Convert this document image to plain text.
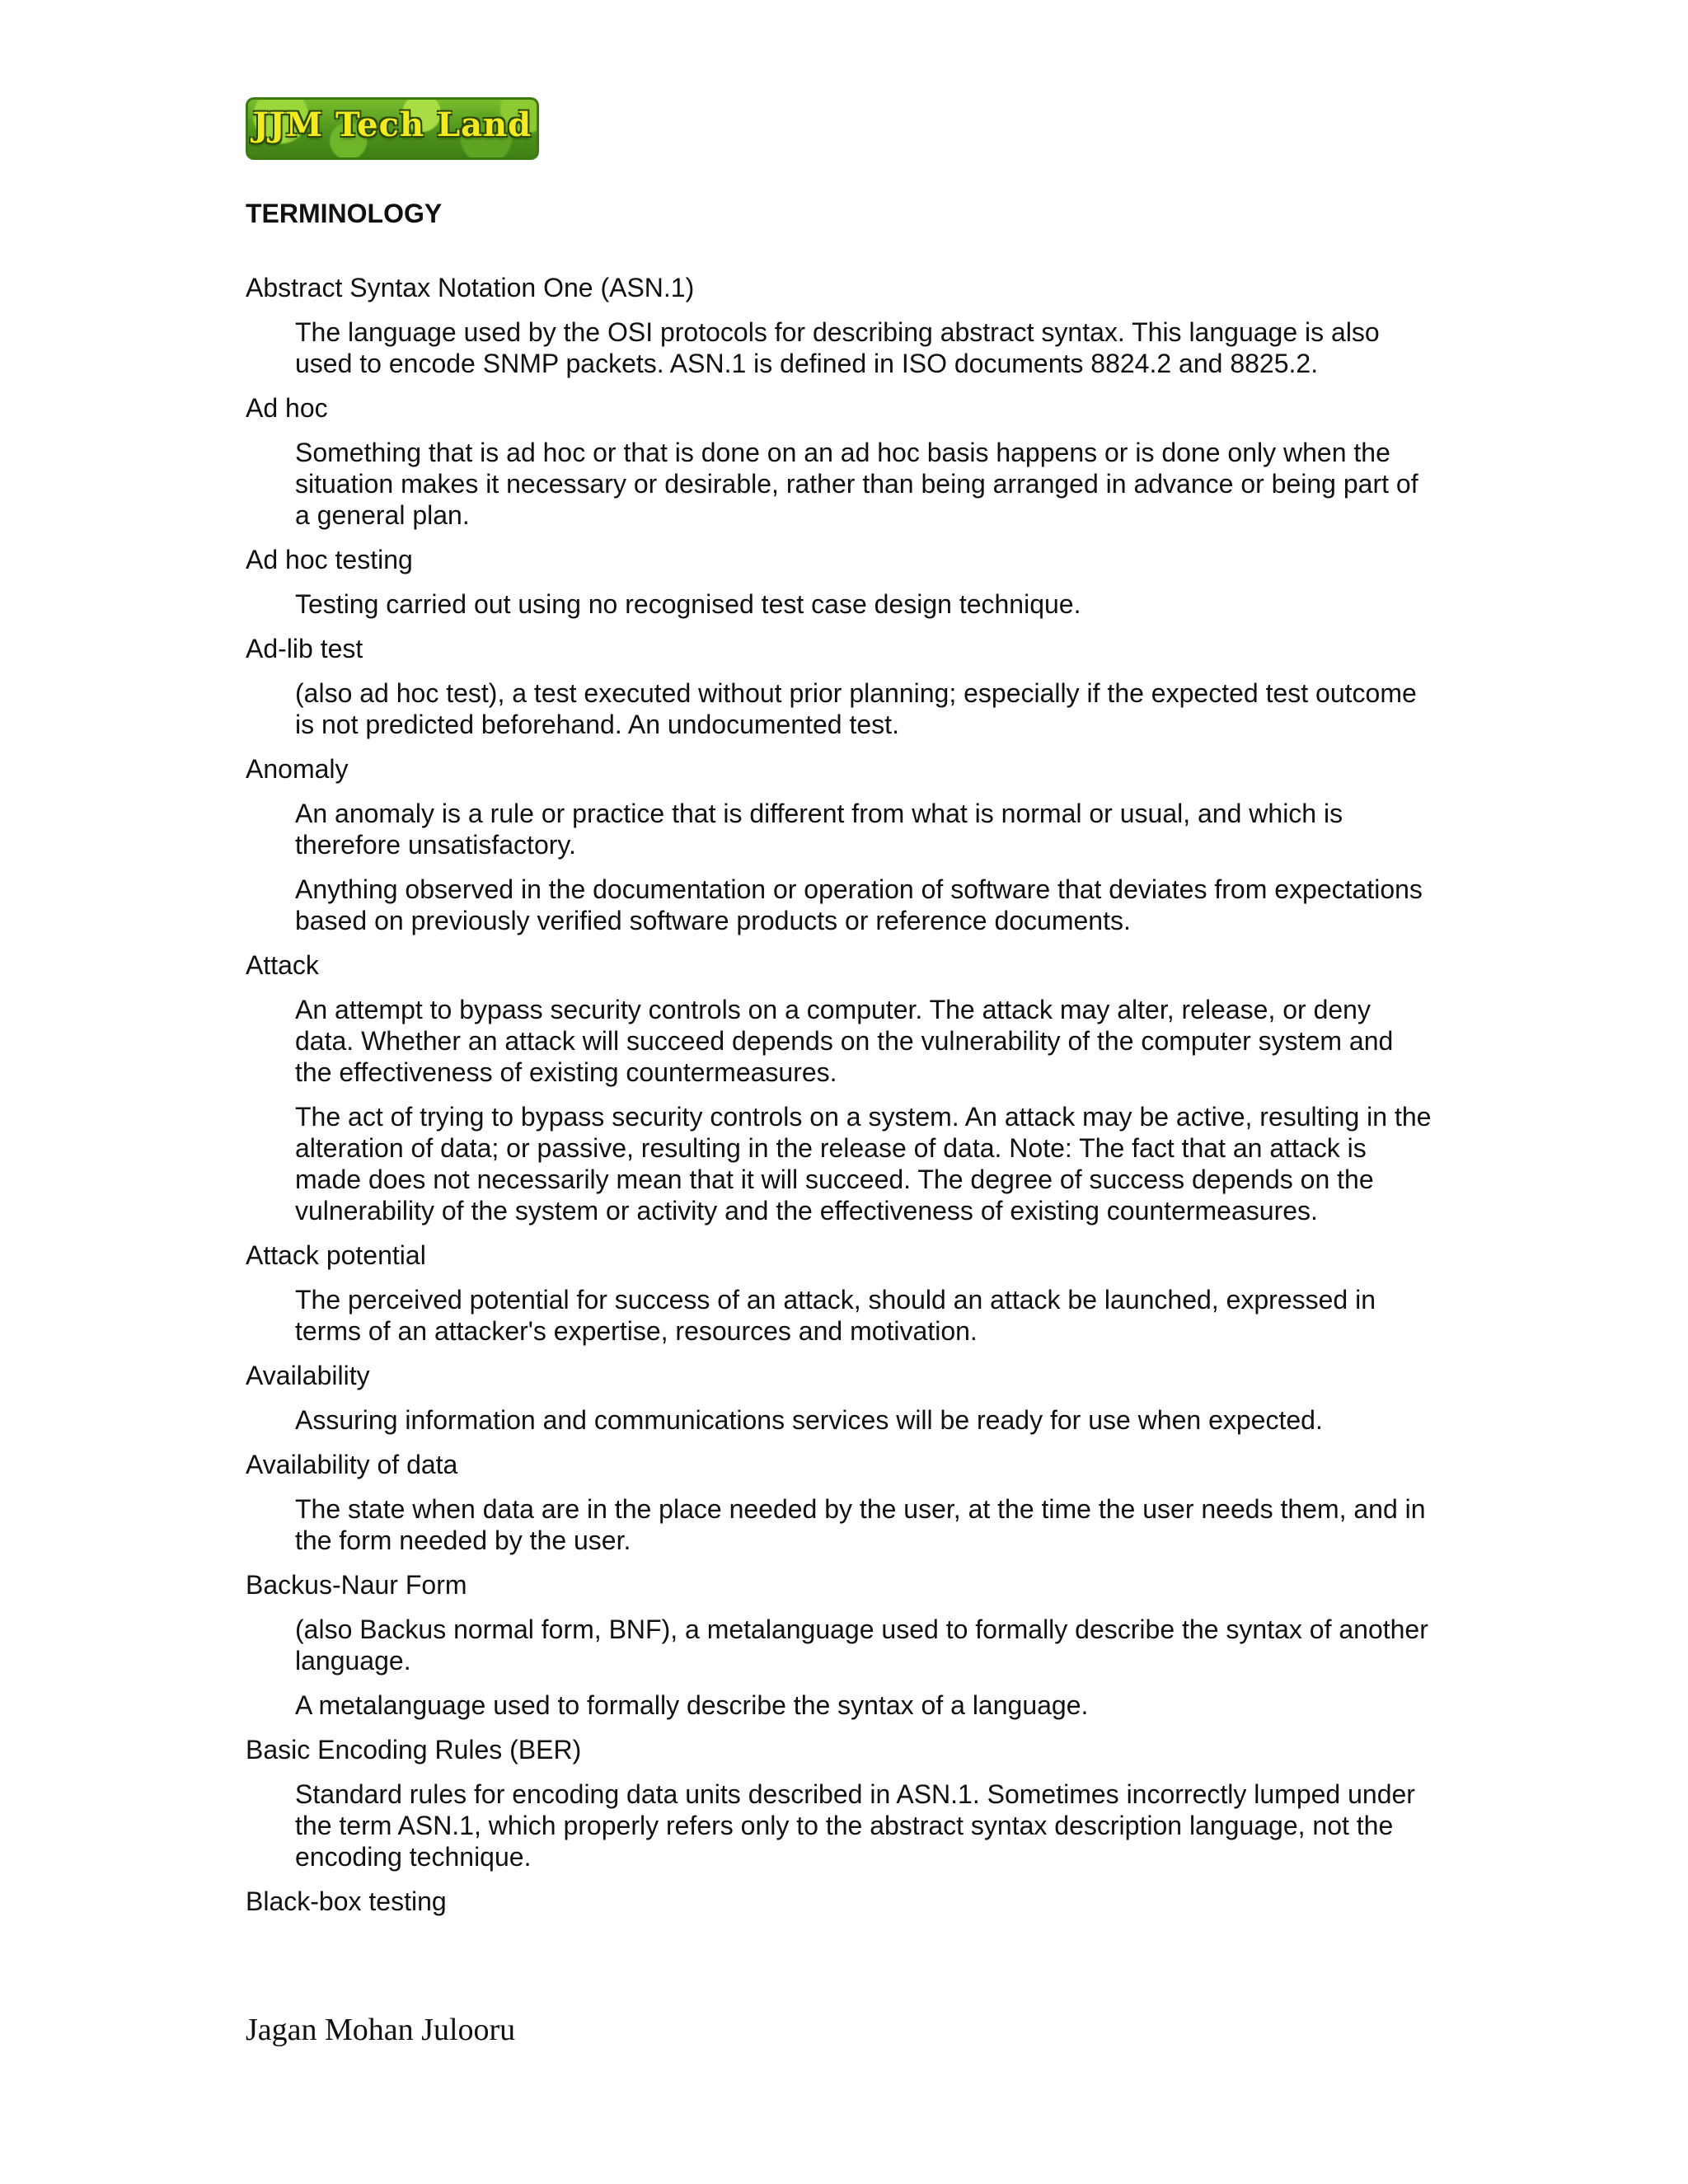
JJM Tech Land
TERMINOLOGY
Abstract Syntax Notation One (ASN.1)
The language used by the OSI protocols for describing abstract syntax. This language is also used to encode SNMP packets. ASN.1 is defined in ISO documents 8824.2 and 8825.2.
Ad hoc
Something that is ad hoc or that is done on an ad hoc basis happens or is done only when the situation makes it necessary or desirable, rather than being arranged in advance or being part of a general plan.
Ad hoc testing
Testing carried out using no recognised test case design technique.
Ad-lib test
(also ad hoc test), a test executed without prior planning; especially if the expected test outcome is not predicted beforehand. An undocumented test.
Anomaly
An anomaly is a rule or practice that is different from what is normal or usual, and which is therefore unsatisfactory.
Anything observed in the documentation or operation of software that deviates from expectations based on previously verified software products or reference documents.
Attack
An attempt to bypass security controls on a computer. The attack may alter, release, or deny data. Whether an attack will succeed depends on the vulnerability of the computer system and the effectiveness of existing countermeasures.
The act of trying to bypass security controls on a system. An attack may be active, resulting in the alteration of data; or passive, resulting in the release of data. Note: The fact that an attack is made does not necessarily mean that it will succeed. The degree of success depends on the vulnerability of the system or activity and the effectiveness of existing countermeasures.
Attack potential
The perceived potential for success of an attack, should an attack be launched, expressed in terms of an attacker's expertise, resources and motivation.
Availability
Assuring information and communications services will be ready for use when expected.
Availability of data
The state when data are in the place needed by the user, at the time the user needs them, and in the form needed by the user.
Backus-Naur Form
(also Backus normal form, BNF), a metalanguage used to formally describe the syntax of another language.
A metalanguage used to formally describe the syntax of a language.
Basic Encoding Rules (BER)
Standard rules for encoding data units described in ASN.1. Sometimes incorrectly lumped under the term ASN.1, which properly refers only to the abstract syntax description language, not the encoding technique.
Black-box testing
Jagan Mohan Julooru
